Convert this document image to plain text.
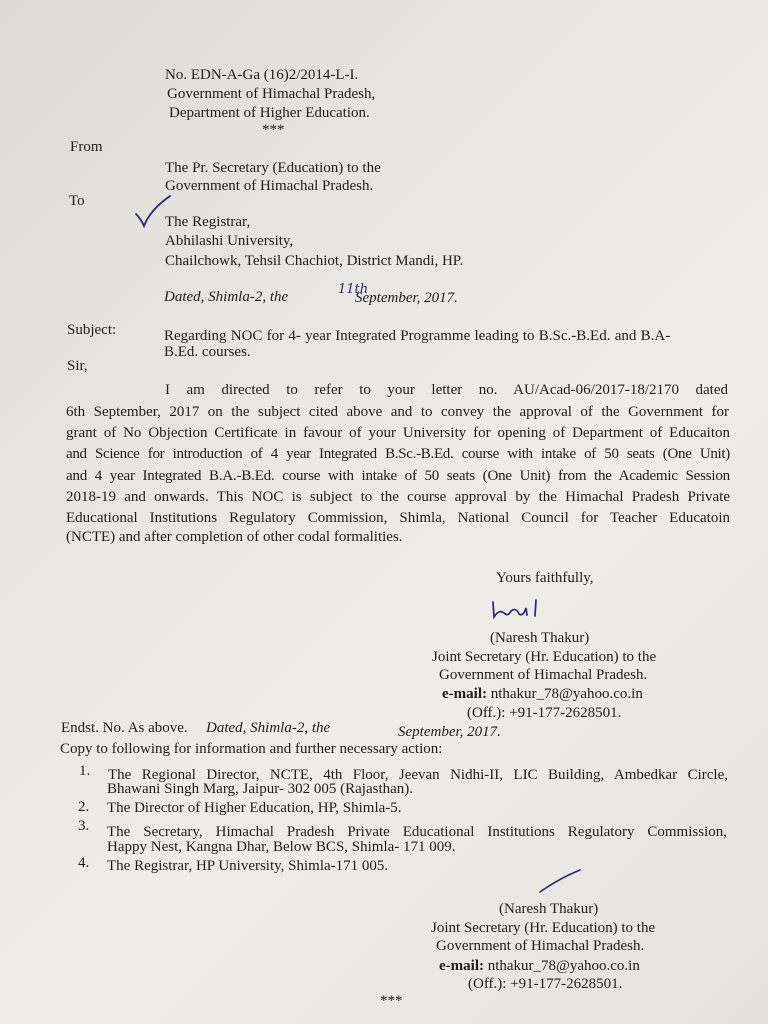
No. EDN-A-Ga (16)2/2014-L-I.
Government of Himachal Pradesh,
Department of Higher Education.
***
From
The Pr. Secretary (Education) to the
Government of Himachal Pradesh.
To
The Registrar,
Abhilashi University,
Chailchowk, Tehsil Chachiot, District Mandi, HP.
Dated, Shimla-2, the	11th
September, 2017.
Subject:	Regarding NOC for 4- year Integrated Programme leading to B.Sc.-B.Ed. and B.A-
B.Ed. courses.
Sir,
I am directed to refer to your letter no. AU/Acad-06/2017-18/2170 dated
6th September, 2017 on the subject cited above and to convey the approval of the Government for
grant of No Objection Certificate in favour of your University for opening of Department of Educaiton
and Science for introduction of 4 year Integrated B.Sc.-B.Ed. course with intake of 50 seats (One Unit)
and 4 year Integrated B.A.-B.Ed. course with intake of 50 seats (One Unit) from the Academic Session
2018-19 and onwards. This NOC is subject to the course approval by the Himachal Pradesh Private
Educational Institutions Regulatory Commission, Shimla, National Council for Teacher Educatoin
(NCTE) and after completion of other codal formalities.
Yours faithfully,
(Naresh Thakur)
Joint Secretary (Hr. Education) to the
Government of Himachal Pradesh.
e-mail: nthakur_78@yahoo.co.in
(Off.): +91-177-2628501.
Endst. No. As above. Dated, Shimla-2, the	September, 2017.
Copy to following for information and further necessary action:
1. The Regional Director, NCTE, 4th Floor, Jeevan Nidhi-II, LIC Building, Ambedkar Circle,
Bhawani Singh Marg, Jaipur- 302 005 (Rajasthan).
2. The Director of Higher Education, HP, Shimla-5.
3. The Secretary, Himachal Pradesh Private Educational Institutions Regulatory Commission,
Happy Nest, Kangna Dhar, Below BCS, Shimla- 171 009.
4. The Registrar, HP University, Shimla-171 005.
(Naresh Thakur)
Joint Secretary (Hr. Education) to the
Government of Himachal Pradesh.
e-mail: nthakur_78@yahoo.co.in
(Off.): +91-177-2628501.
***
